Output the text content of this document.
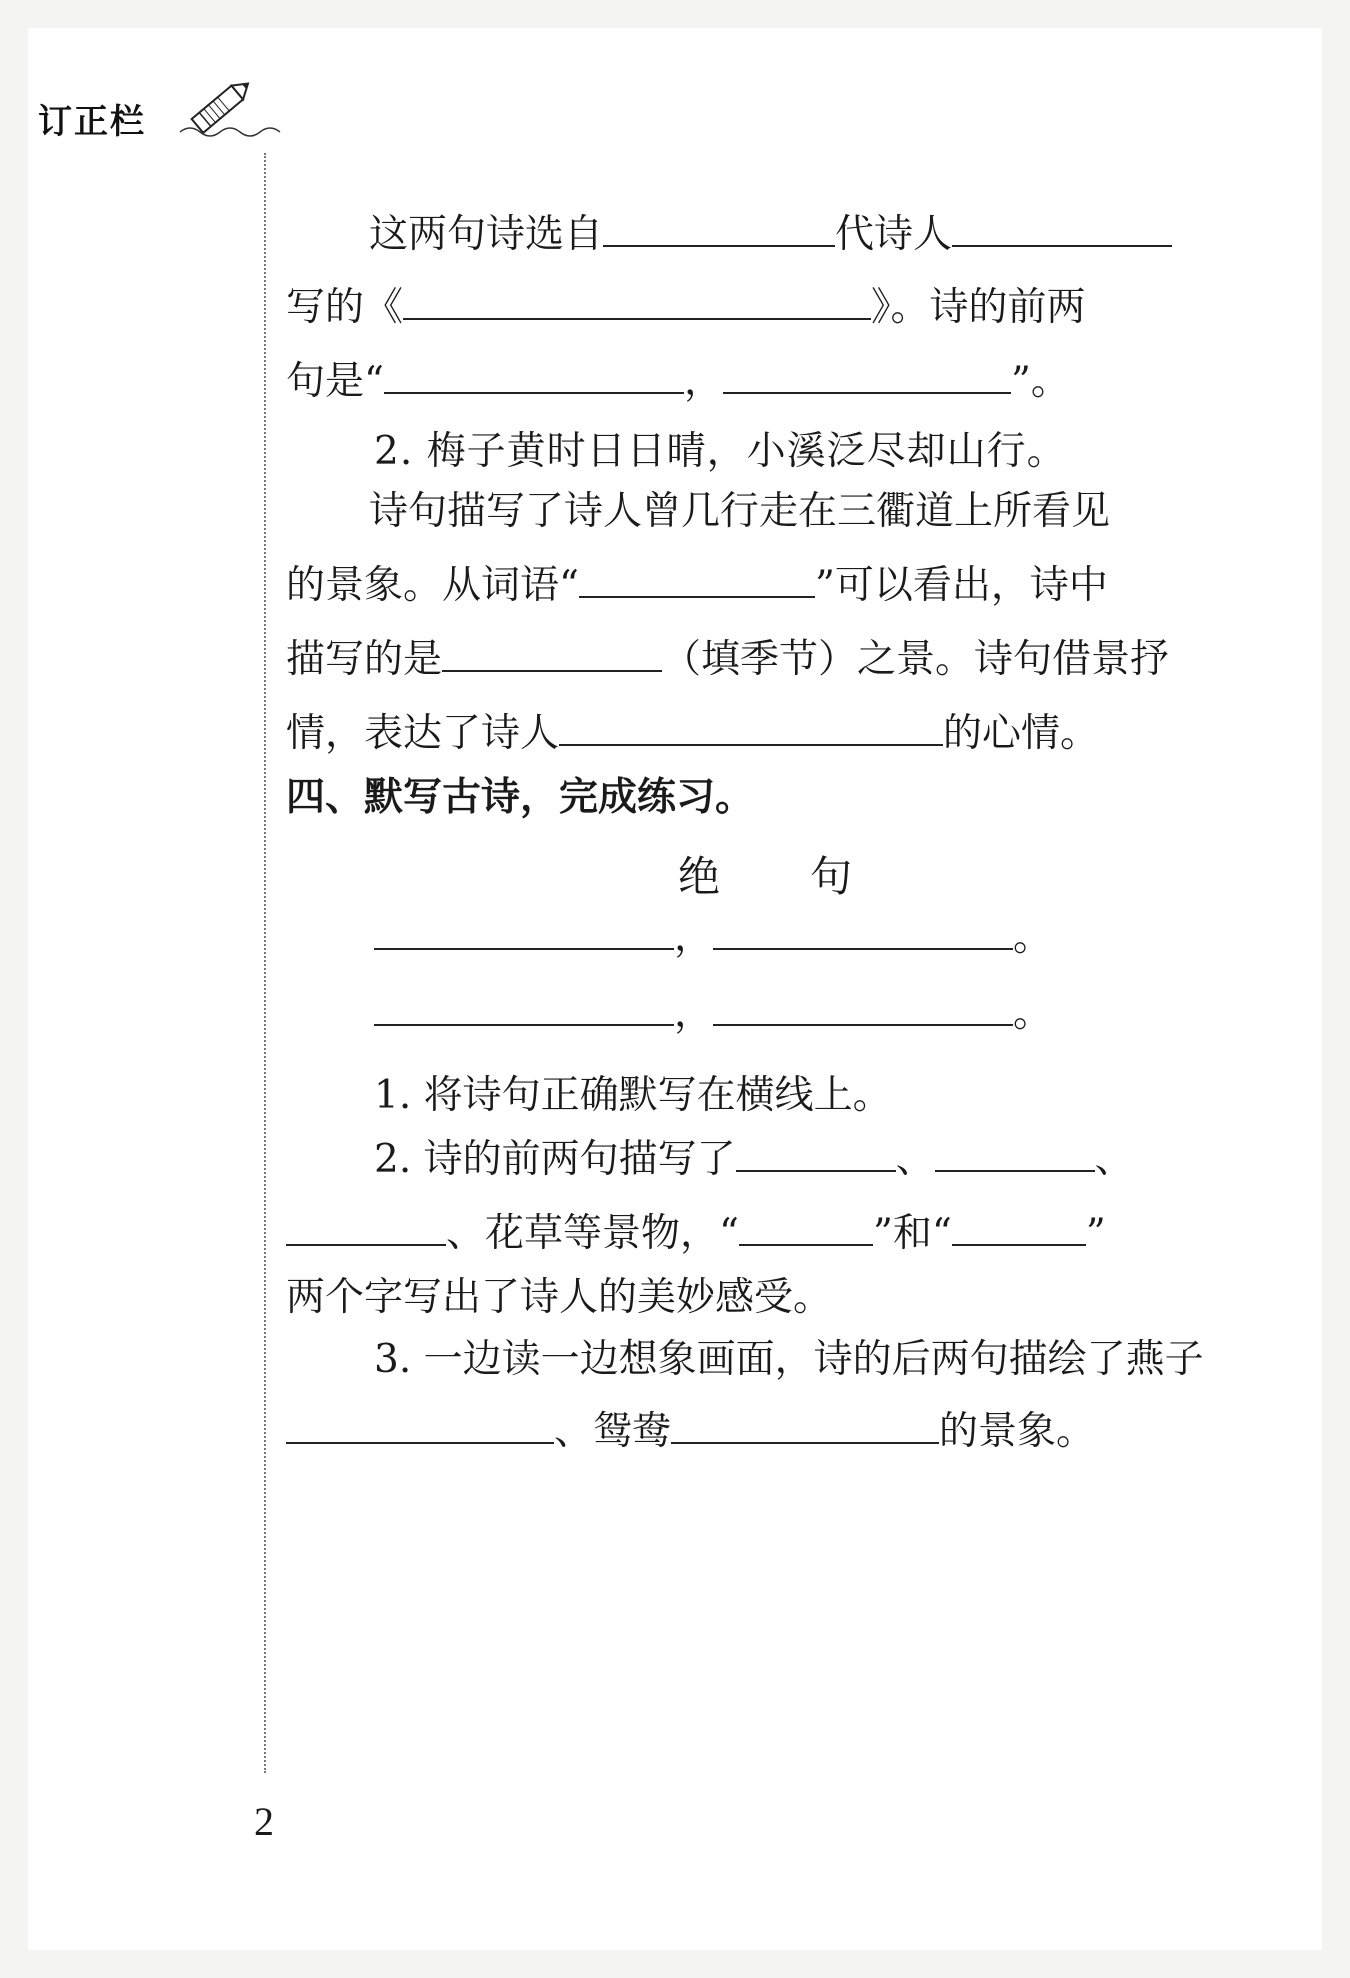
订正栏
这两句诗选自	代诗人
写的《	》。诗的前两
句是“	，	”。
2. 梅子黄时日日晴，小溪泛尽却山行。
诗句描写了诗人曾几行走在三衢道上所看见
的景象。从词语“	”可以看出，诗中
描写的是	（填季节）之景。诗句借景抒
情，表达了诗人	的心情。
四、默写古诗，完成练习。
绝　　句
，	。
，	。
1. 将诗句正确默写在横线上。
2. 诗的前两句描写了	、	、
、花草等景物，“	”和“	”
两个字写出了诗人的美妙感受。
3. 一边读一边想象画面，诗的后两句描绘了燕子
、鸳鸯	的景象。
2
